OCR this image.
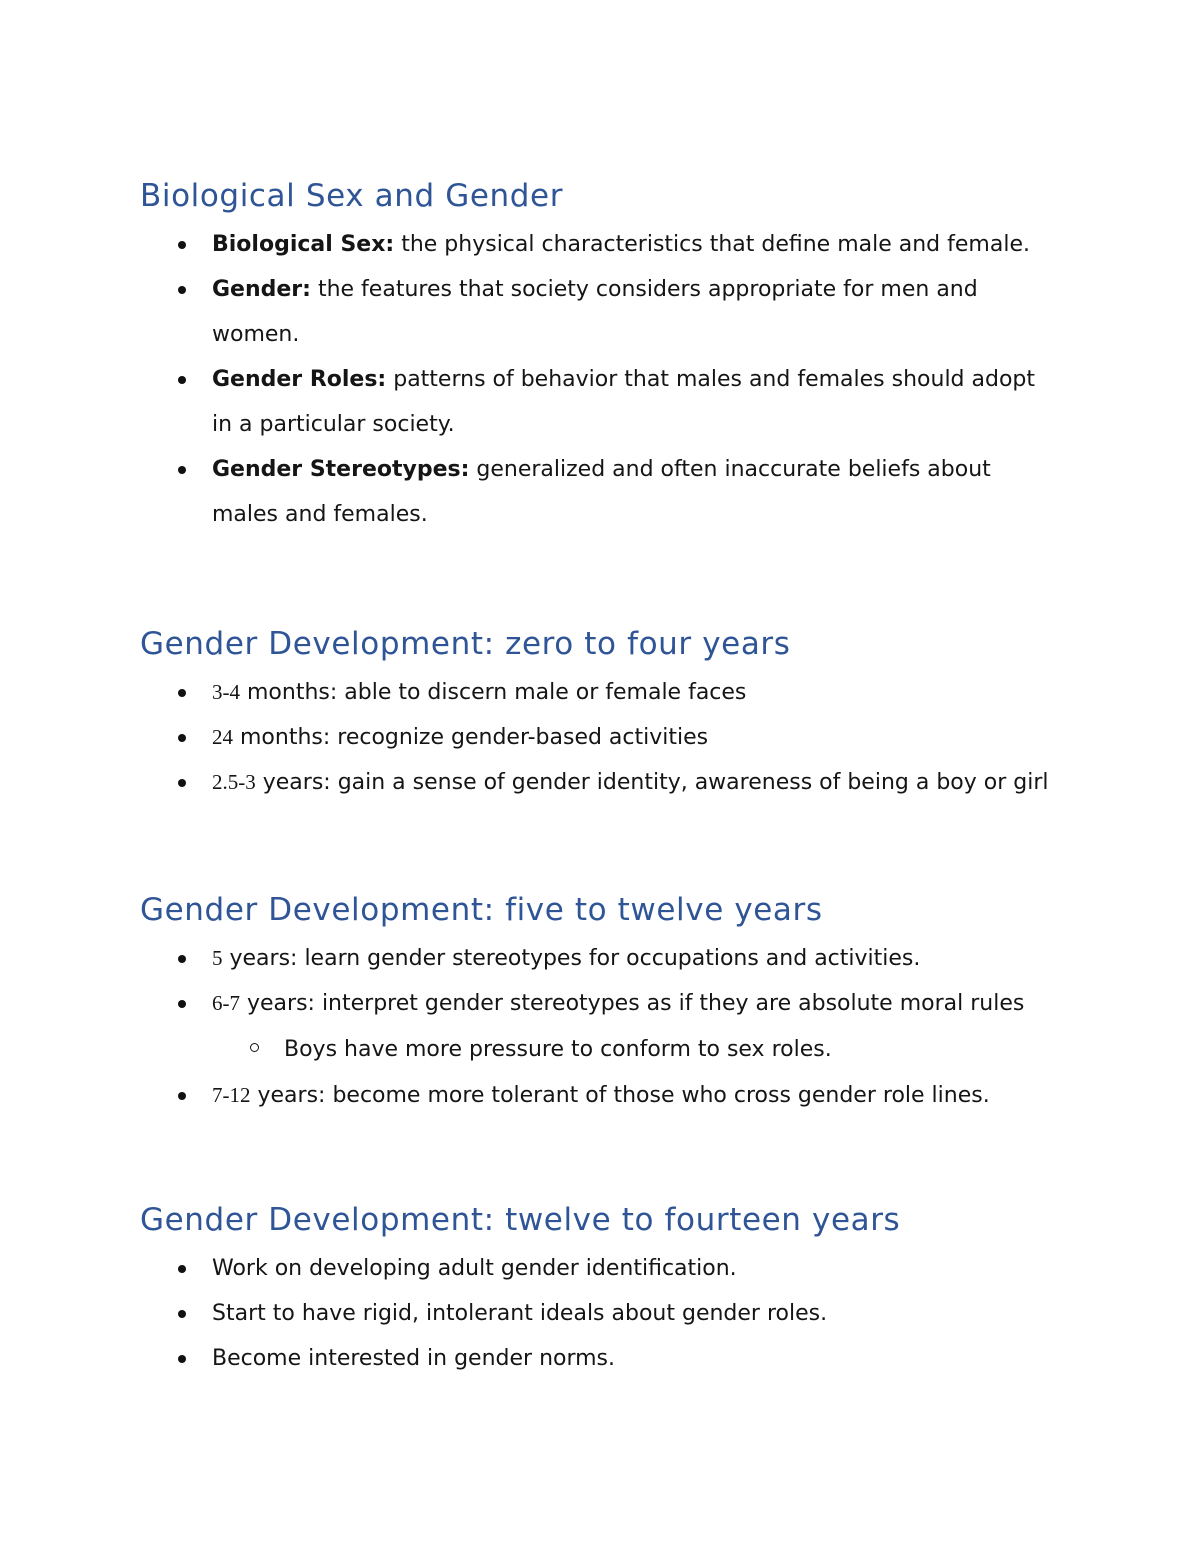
Biological Sex and Gender
Biological Sex: the physical characteristics that define male and female.
Gender: the features that society considers appropriate for men and women.
Gender Roles: patterns of behavior that males and females should adopt in a particular society.
Gender Stereotypes: generalized and often inaccurate beliefs about males and females.
Gender Development: zero to four years
3-4 months: able to discern male or female faces
24 months: recognize gender-based activities
2.5-3 years: gain a sense of gender identity, awareness of being a boy or girl
Gender Development: five to twelve years
5 years: learn gender stereotypes for occupations and activities.
6-7 years: interpret gender stereotypes as if they are absolute moral rules
Boys have more pressure to conform to sex roles.
7-12 years: become more tolerant of those who cross gender role lines.
Gender Development: twelve to fourteen years
Work on developing adult gender identification.
Start to have rigid, intolerant ideals about gender roles.
Become interested in gender norms.
